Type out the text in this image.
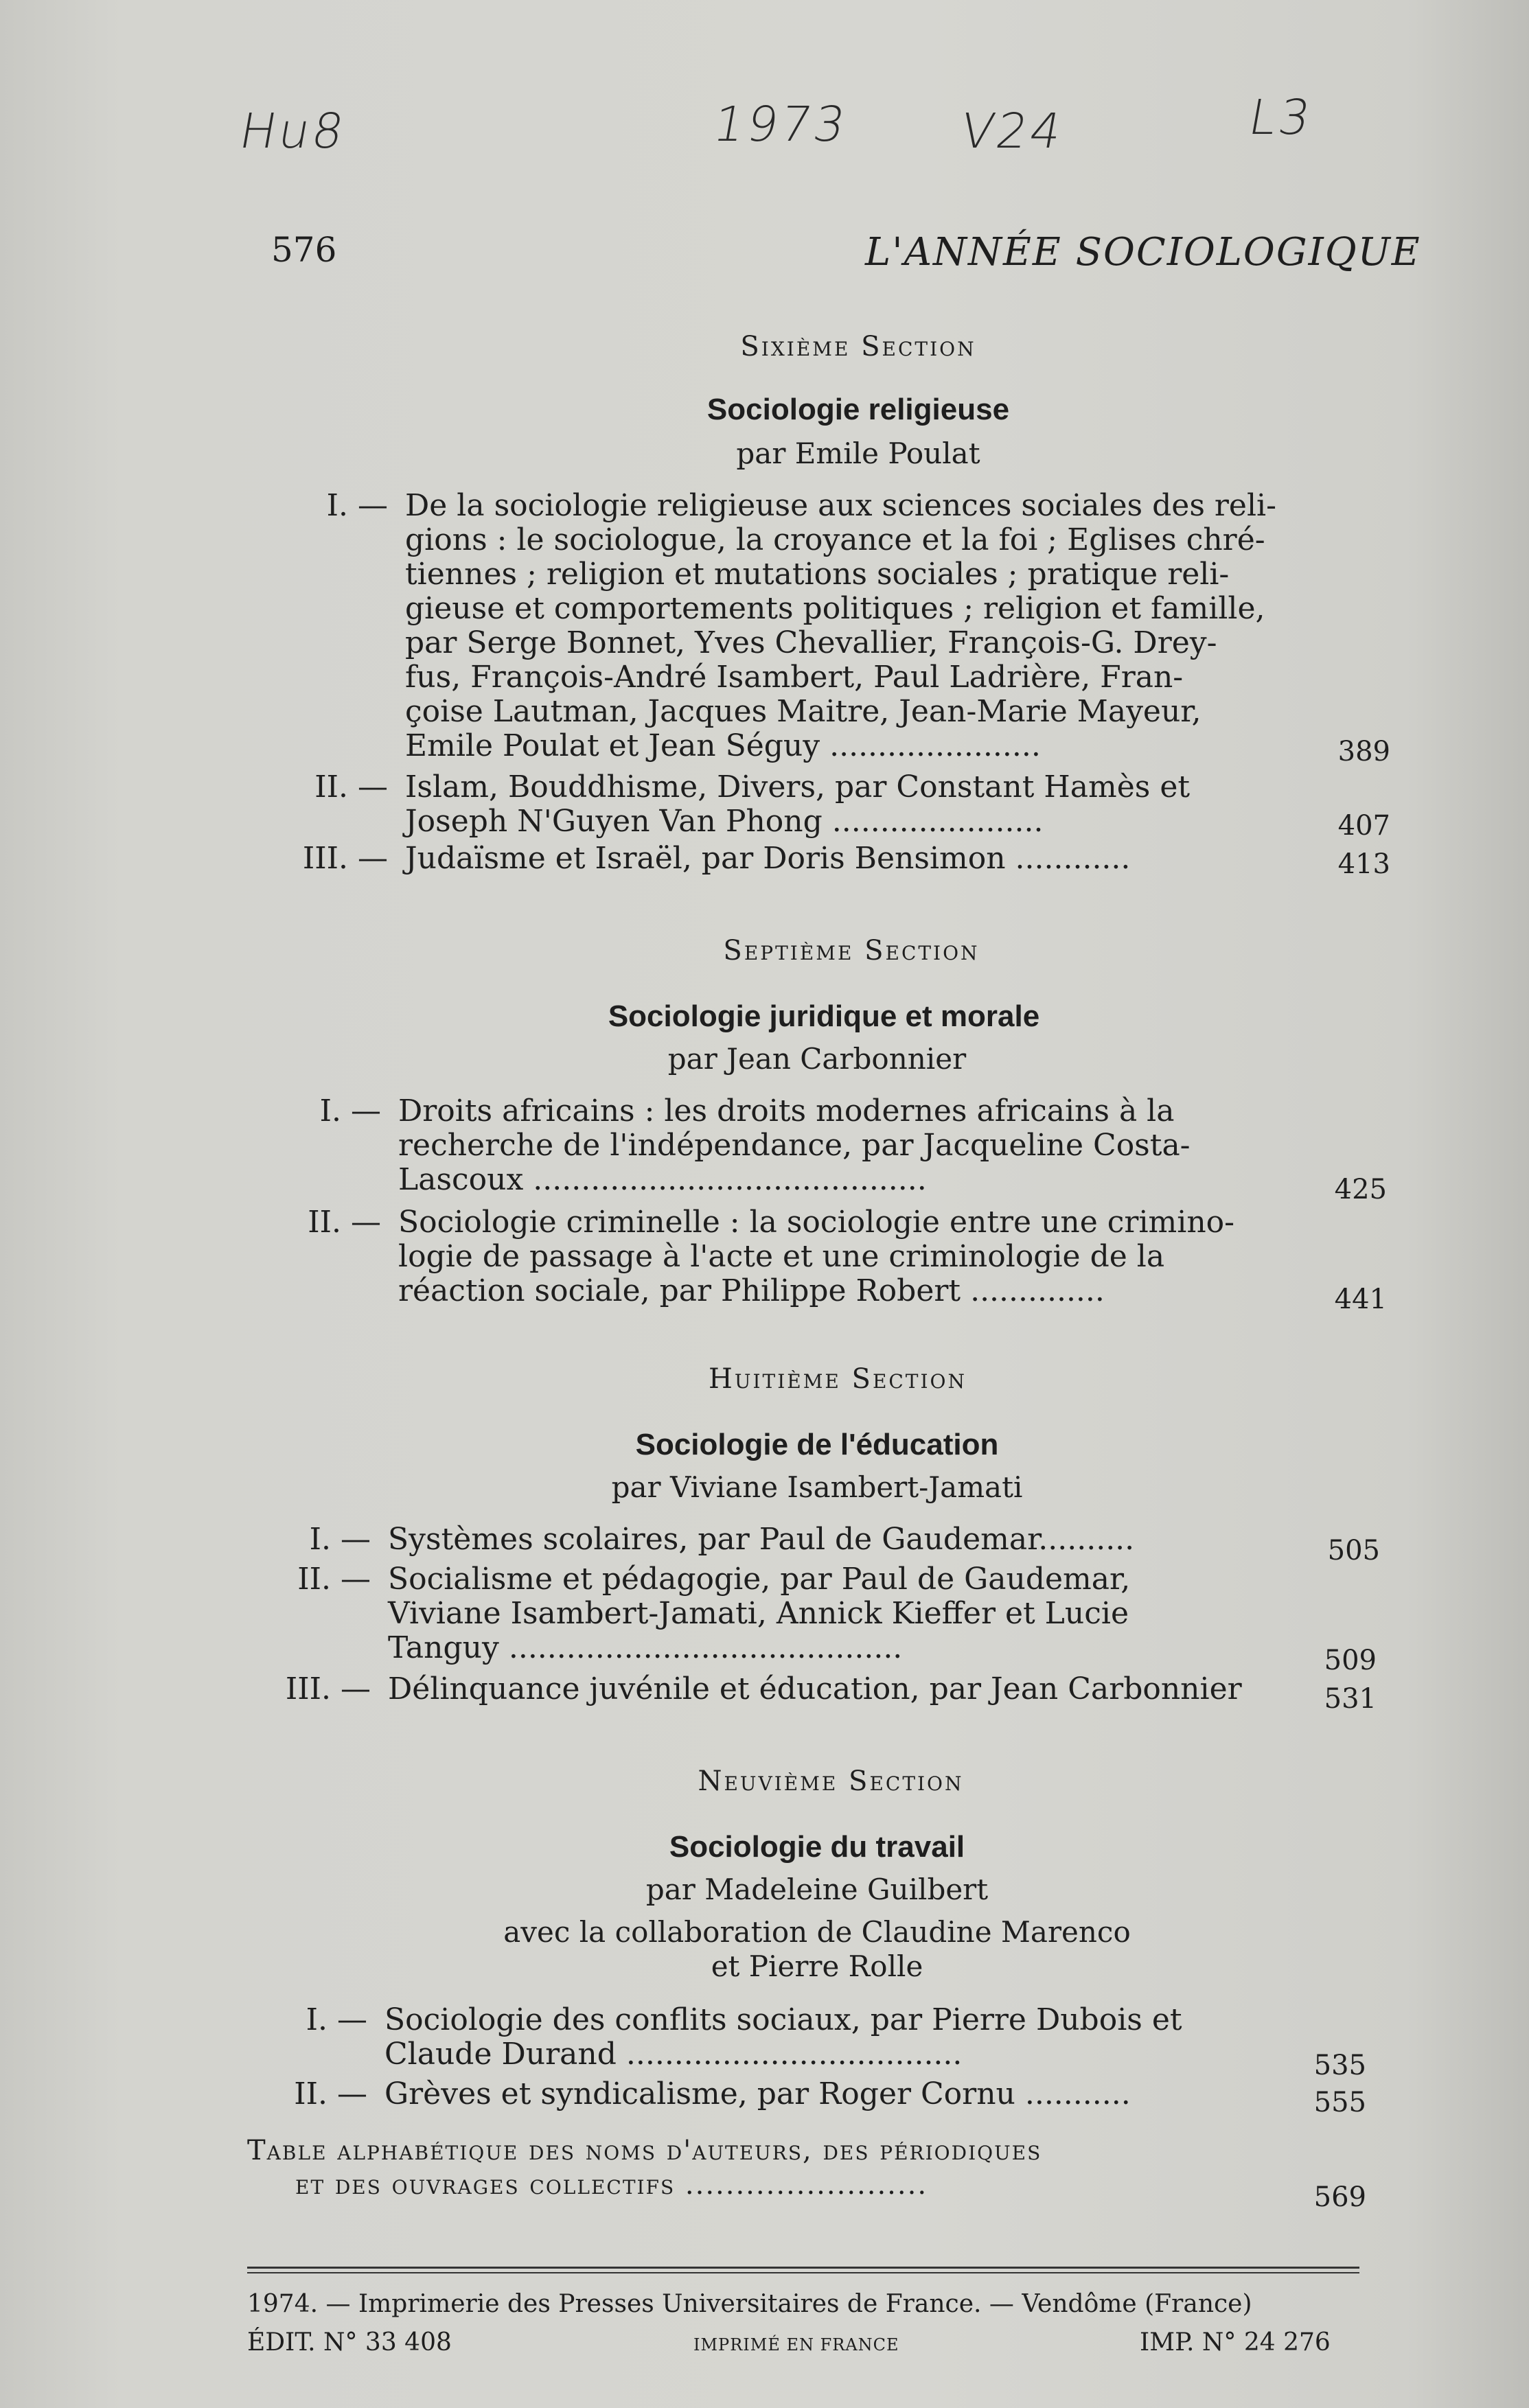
Hu8	1973 V24	L3
576	L'ANNÉE SOCIOLOGIQUE
Sixième Section
Sociologie religieuse
par Emile Poulat
I. — De la sociologie religieuse aux sciences sociales des reli-
gions : le sociologue, la croyance et la foi ; Eglises chré-
tiennes ; religion et mutations sociales ; pratique reli-
gieuse et comportements politiques ; religion et famille,
par Serge Bonnet, Yves Chevallier, François-G. Drey-
fus, François-André Isambert, Paul Ladrière, Fran-
çoise Lautman, Jacques Maitre, Jean-Marie Mayeur,
Emile Poulat et Jean Séguy ......................	389
II. — Islam, Bouddhisme, Divers, par Constant Hamès et
Joseph N'Guyen Van Phong ......................	407
III. — Judaïsme et Israël, par Doris Bensimon ............	413
Septième Section
Sociologie juridique et morale
par Jean Carbonnier
I. — Droits africains : les droits modernes africains à la
recherche de l'indépendance, par Jacqueline Costa-
Lascoux .........................................	425
II. — Sociologie criminelle : la sociologie entre une crimino-
logie de passage à l'acte et une criminologie de la
réaction sociale, par Philippe Robert ..............	441
Huitième Section
Sociologie de l'éducation
par Viviane Isambert-Jamati
I. — Systèmes scolaires, par Paul de Gaudemar..........	505
II. — Socialisme et pédagogie, par Paul de Gaudemar,
Viviane Isambert-Jamati, Annick Kieffer et Lucie
Tanguy .........................................	509
III. — Délinquance juvénile et éducation, par Jean Carbonnier	531
Neuvième Section
Sociologie du travail
par Madeleine Guilbert
avec la collaboration de Claudine Marenco
et Pierre Rolle
I. — Sociologie des conflits sociaux, par Pierre Dubois et
Claude Durand ...................................	535
II. — Grèves et syndicalisme, par Roger Cornu ...........	555
Table alphabétique des noms d'auteurs, des périodiques
et des ouvrages collectifs ........................	569
1974. — Imprimerie des Presses Universitaires de France. — Vendôme (France)
ÉDIT. N° 33 408	IMPRIMÉ EN FRANCE	IMP. N° 24 276
